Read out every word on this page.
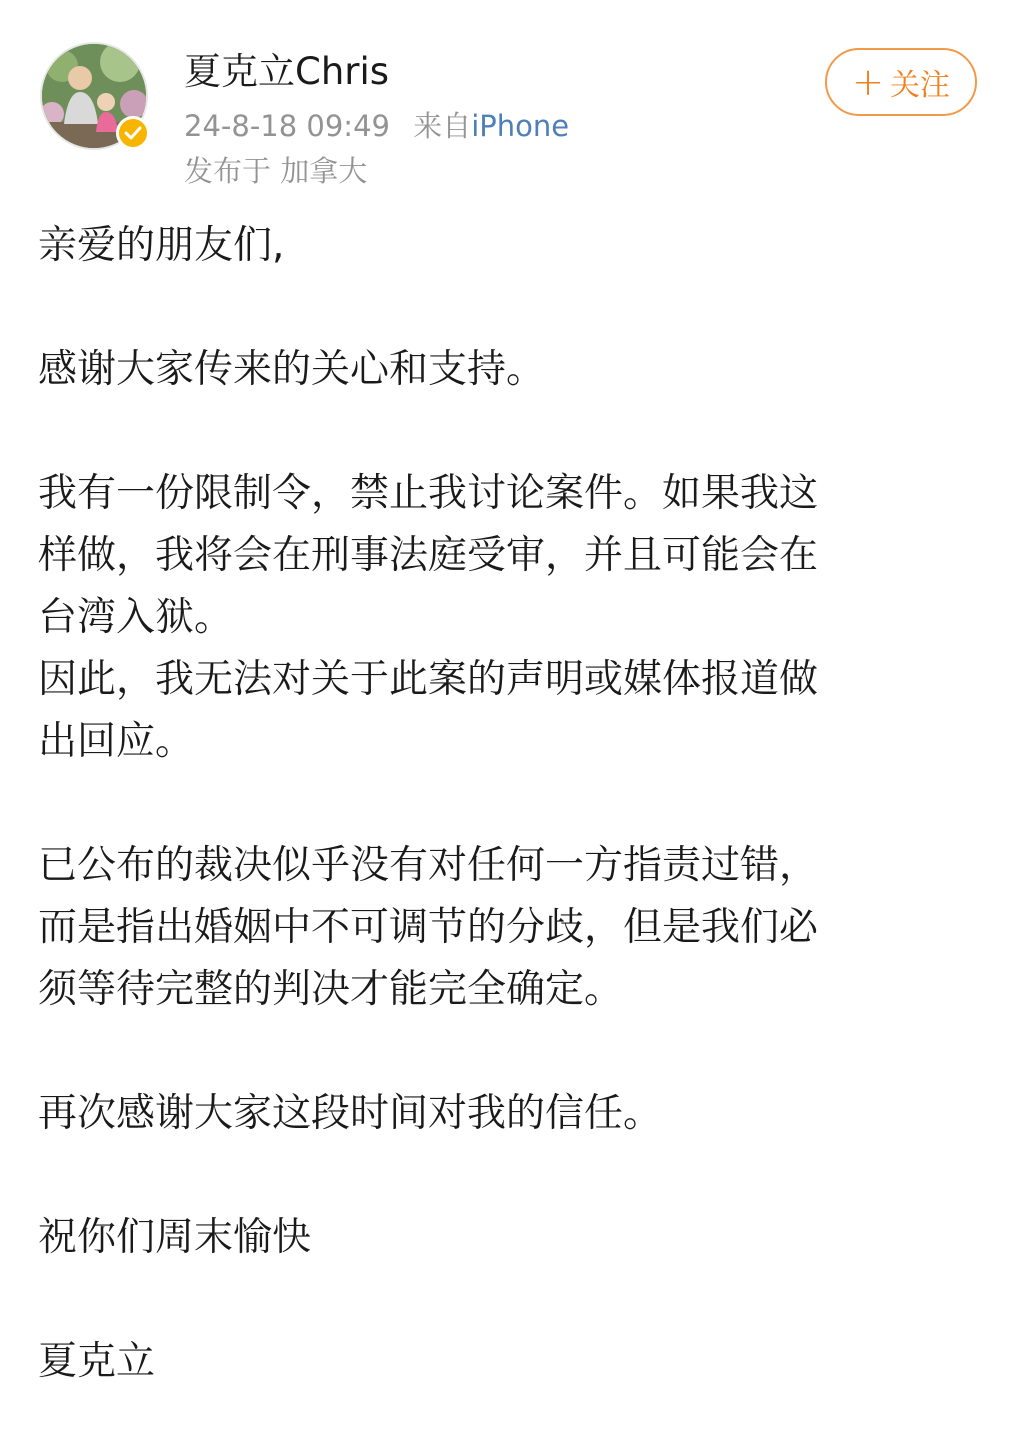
夏克立Chris
24-8-18 09:49 来自iPhone
发布于 加拿大
+ 关注

亲爱的朋友们,

感谢大家传来的关心和支持。

我有一份限制令，禁止我讨论案件。如果我这

样做，我将会在刑事法庭受审，并且可能会在

台湾入狱。

因此，我无法对关于此案的声明或媒体报道做

出回应。

已公布的裁决似乎没有对任何一方指责过错，

而是指出婚姻中不可调节的分歧，但是我们必

须等待完整的判决才能完全确定。

再次感谢大家这段时间对我的信任。

祝你们周末愉快

夏克立
